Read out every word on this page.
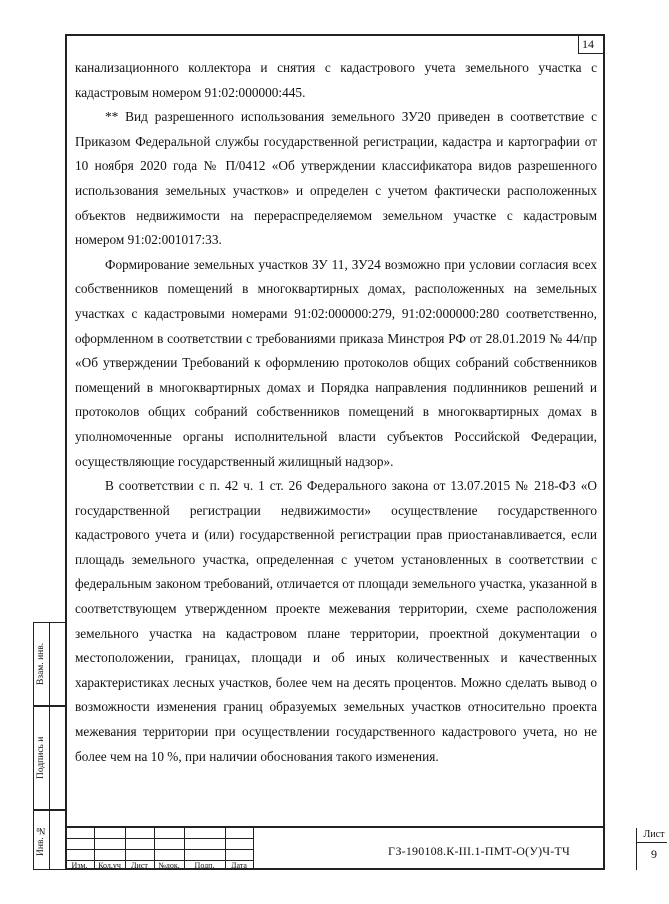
14

канализационного коллектора и снятия с кадастрового учета земельного участка с кадастровым номером 91:02:000000:445.

** Вид разрешенного использования земельного ЗУ20 приведен в соответствие с Приказом Федеральной службы государственной регистрации, кадастра и картографии от 10 ноября 2020 года № П/0412 «Об утверждении классификатора видов разрешенного использования земельных участков» и определен с учетом фактически расположенных объектов недвижимости на перераспределяемом земельном участке с кадастровым номером 91:02:001017:33.

Формирование земельных участков ЗУ 11, ЗУ24 возможно при условии согласия всех собственников помещений в многоквартирных домах, расположенных на земельных участках с кадастровыми номерами 91:02:000000:279, 91:02:000000:280 соответственно, оформленном в соответствии с требованиями приказа Минстроя РФ от 28.01.2019 № 44/пр «Об утверждении Требований к оформлению протоколов общих собраний собственников помещений в многоквартирных домах и Порядка направления подлинников решений и протоколов общих собраний собственников помещений в многоквартирных домах в уполномоченные органы исполнительной власти субъектов Российской Федерации, осуществляющие государственный жилищный надзор».

В соответствии с п. 42 ч. 1 ст. 26 Федерального закона от 13.07.2015 № 218-ФЗ «О государственной регистрации недвижимости» осуществление государственного кадастрового учета и (или) государственной регистрации прав приостанавливается, если площадь земельного участка, определенная с учетом установленных в соответствии с федеральным законом требований, отличается от площади земельного участка, указанной в соответствующем утвержденном проекте межевания территории, схеме расположения земельного участка на кадастровом плане территории, проектной документации о местоположении, границах, площади и об иных количественных и качественных характеристиках лесных участков, более чем на десять процентов. Можно сделать вывод о возможности изменения границ образуемых земельных участков относительно проекта межевания территории при осуществлении государственного кадастрового учета, но не более чем на 10 %, при наличии обоснования такого изменения.

Взам. инв.
Подпись и
Инв. №
Изм.	Кол.уч	Лист	№док.	Подп.	Дата
ГЗ-190108.К-III.1-ПМТ-О(У)Ч-ТЧ
Лист
9
